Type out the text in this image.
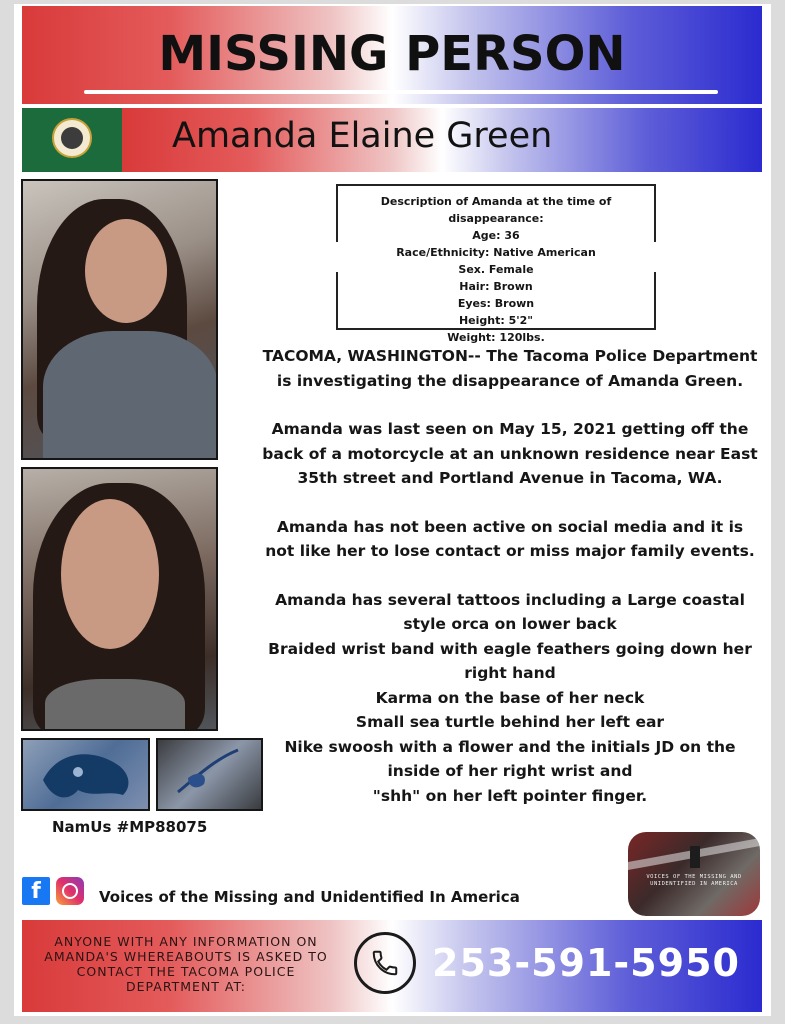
MISSING PERSON
Amanda Elaine Green
NamUs #MP88075
Description of Amanda at the time of disappearance:
Age: 36
Race/Ethnicity: Native American
Sex. Female
Hair: Brown
Eyes: Brown
Height: 5'2"
Weight: 120lbs.

TACOMA, WASHINGTON-- The Tacoma Police Department is investigating the disappearance of Amanda Green.

Amanda was last seen on May 15, 2021 getting off the back of a motorcycle at an unknown residence near East 35th street and Portland Avenue in Tacoma, WA.

Amanda has not been active on social media and it is not like her to lose contact or miss major family events.

Amanda has several tattoos including a Large coastal style orca on lower back
Braided wrist band with eagle feathers going down her right hand
Karma on the base of her neck
Small sea turtle behind her left ear
Nike swoosh with a flower and the initials JD on the inside of her right wrist and
"shh" on her left pointer finger.
f	Voices of the Missing and Unidentified In America
VOICES OF THE MISSING AND UNIDENTIFIED IN AMERICA
ANYONE WITH ANY INFORMATION ON AMANDA'S WHEREABOUTS IS ASKED TO CONTACT THE TACOMA POLICE DEPARTMENT AT:
253-591-5950
